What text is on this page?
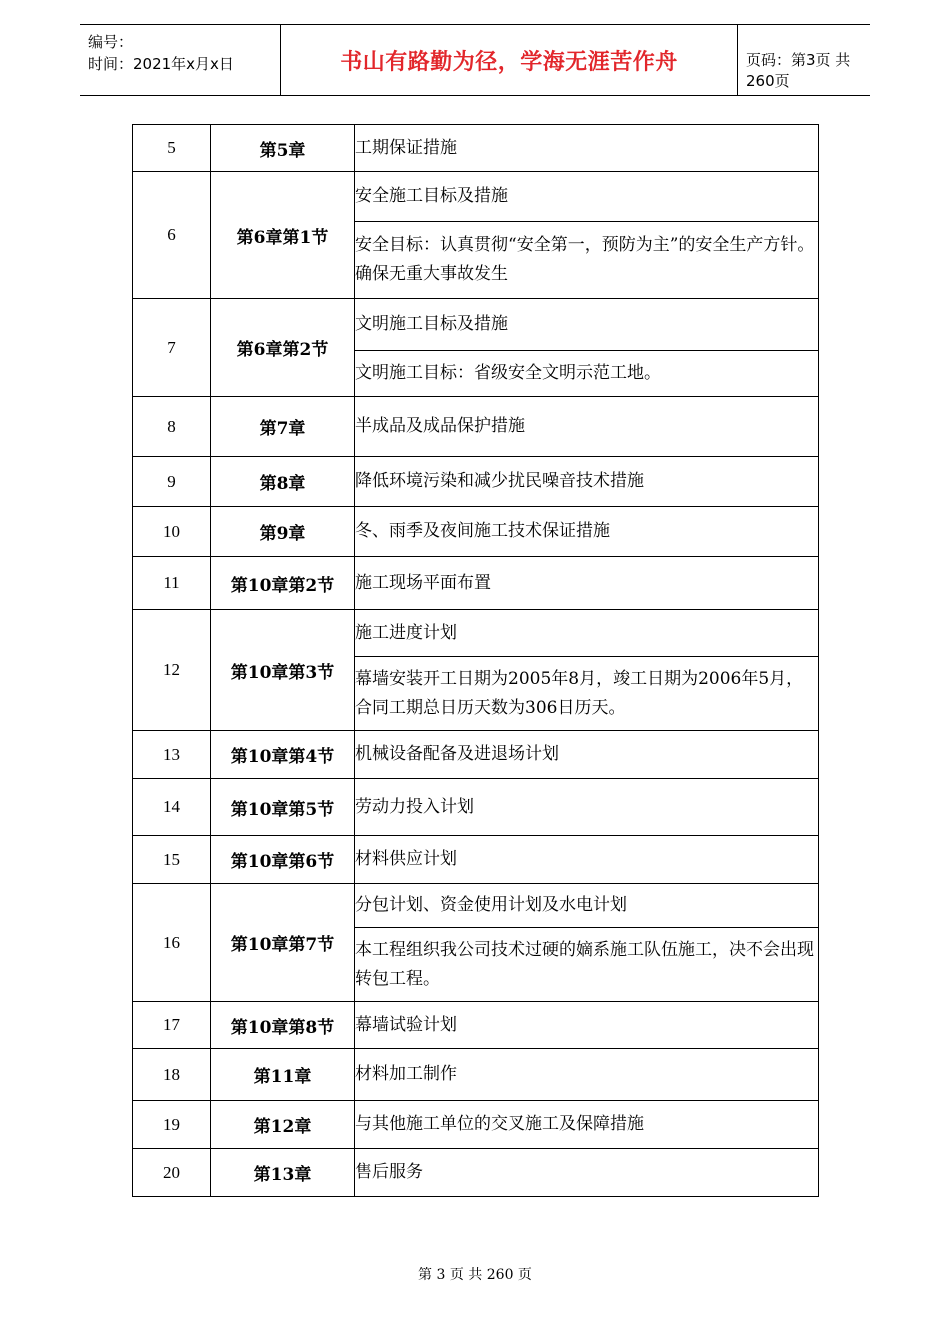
编号：
时间：2021年x月x日	书山有路勤为径，学海无涯苦作舟	页码：第3页 共260页
5	第5章	工期保证措施
6	第6章第1节	安全施工目标及措施
		安全目标：认真贯彻“安全第一，预防为主”的安全生产方针。确保无重大事故发生
7	第6章第2节	文明施工目标及措施
		文明施工目标：省级安全文明示范工地。
8	第7章	半成品及成品保护措施
9	第8章	降低环境污染和减少扰民噪音技术措施
10	第9章	冬、雨季及夜间施工技术保证措施
11	第10章第2节	施工现场平面布置
12	第10章第3节	施工进度计划
		幕墙安装开工日期为2005年8月，竣工日期为2006年5月，合同工期总日历天数为306日历天。
13	第10章第4节	机械设备配备及进退场计划
14	第10章第5节	劳动力投入计划
15	第10章第6节	材料供应计划
16	第10章第7节	分包计划、资金使用计划及水电计划
		本工程组织我公司技术过硬的嫡系施工队伍施工，决不会出现转包工程。
17	第10章第8节	幕墙试验计划
18	第11章	材料加工制作
19	第12章	与其他施工单位的交叉施工及保障措施
20	第13章	售后服务
第 3 页 共 260 页
